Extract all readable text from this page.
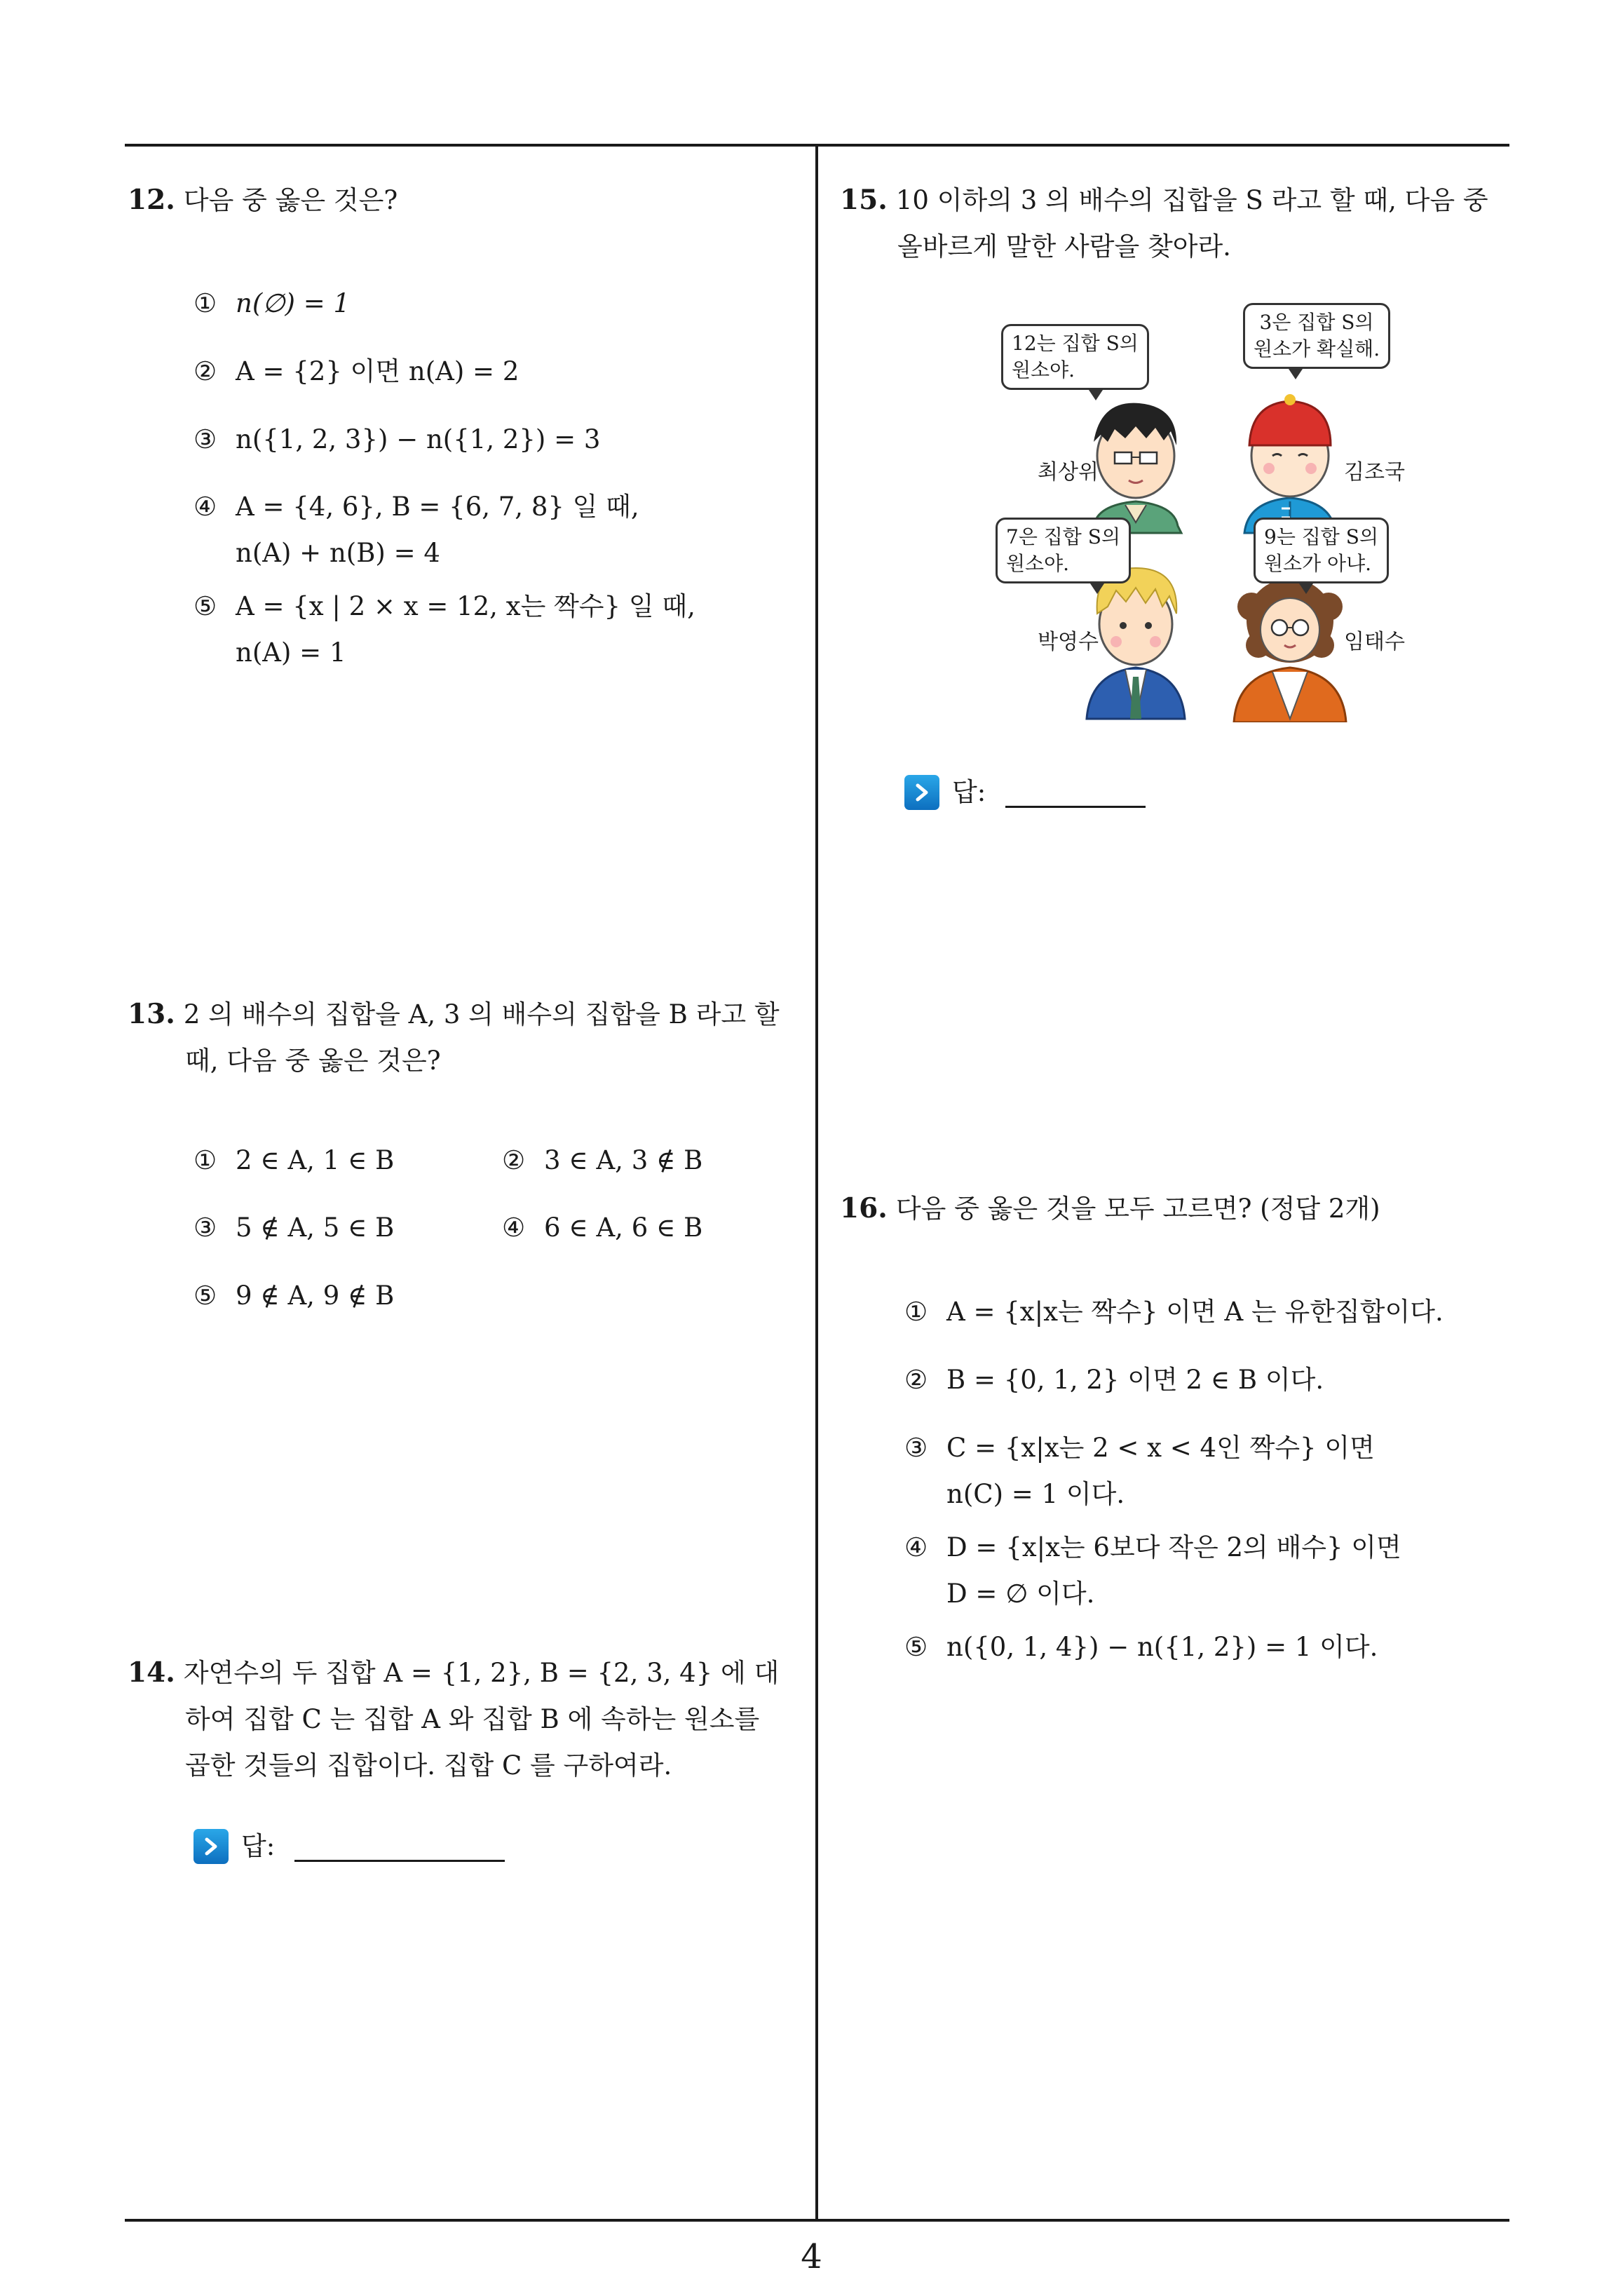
12. 다음 중 옳은 것은?
① n(∅) = 1
② A = {2} 이면 n(A) = 2
③ n({1, 2, 3}) − n({1, 2}) = 3
④ A = {4, 6}, B = {6, 7, 8} 일 때,
n(A) + n(B) = 4
⑤ A = {x | 2 × x = 12, x는 짝수} 일 때,
n(A) = 1
13. 2 의 배수의 집합을 A, 3 의 배수의 집합을 B 라고 할
때, 다음 중 옳은 것은?
① 2 ∈ A, 1 ∈ B	② 3 ∈ A, 3 ∉ B
③ 5 ∉ A, 5 ∈ B	④ 6 ∈ A, 6 ∈ B
⑤ 9 ∉ A, 9 ∉ B
14. 자연수의 두 집합 A = {1, 2}, B = {2, 3, 4} 에 대
하여 집합 C 는 집합 A 와 집합 B 에 속하는 원소를
곱한 것들의 집합이다. 집합 C 를 구하여라.
답:
15. 10 이하의 3 의 배수의 집합을 S 라고 할 때, 다음 중
올바르게 말한 사람을 찾아라.
12는 집합 S의
원소야.
3은 집합 S의
원소가 확실해.
7은 집합 S의
원소야.
9는 집합 S의
원소가 아냐.
최상위	김조국
박영수	임태수
답:
16. 다음 중 옳은 것을 모두 고르면? (정답 2개)
① A = {x|x는 짝수} 이면 A 는 유한집합이다.
② B = {0, 1, 2} 이면 2 ∈ B 이다.
③ C = {x|x는 2 < x < 4인 짝수} 이면
n(C) = 1 이다.
④ D = {x|x는 6보다 작은 2의 배수} 이면
D = ∅ 이다.
⑤ n({0, 1, 4}) − n({1, 2}) = 1 이다.
4
